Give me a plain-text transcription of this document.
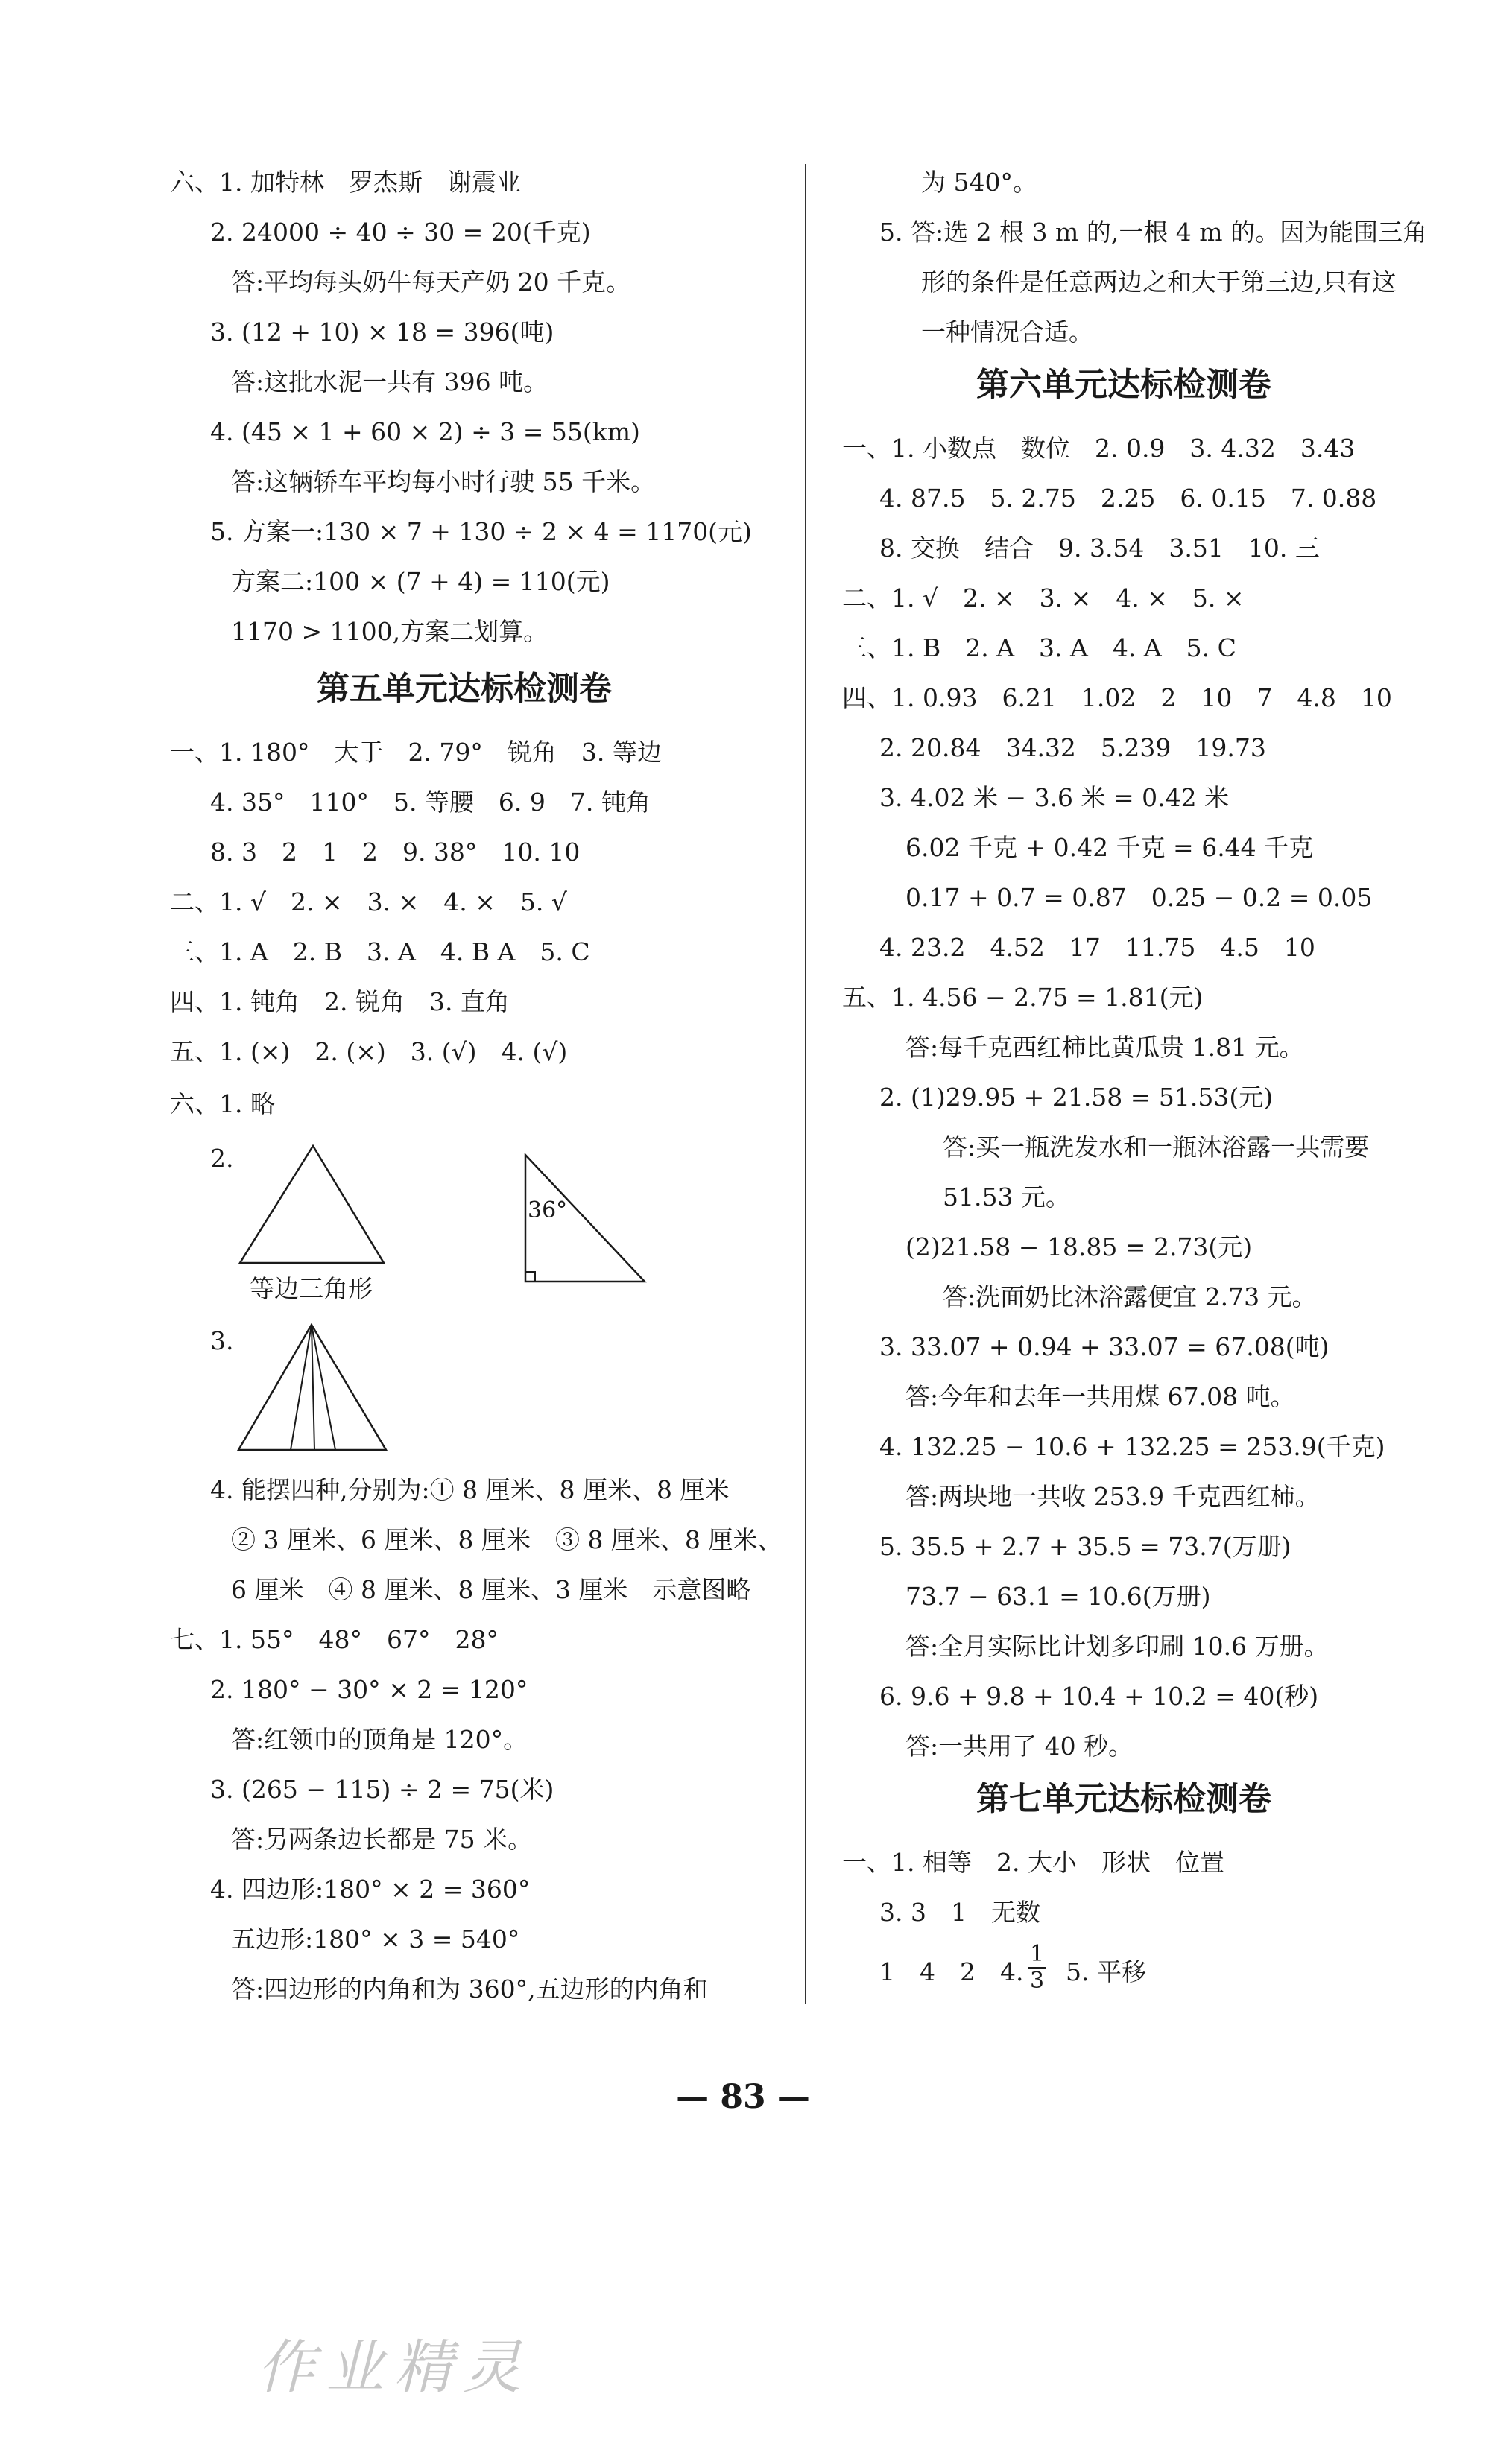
六、1. 加特林　罗杰斯　谢震业
2. 24000 ÷ 40 ÷ 30 = 20(千克)
答:平均每头奶牛每天产奶 20 千克。
3. (12 + 10) × 18 = 396(吨)
答:这批水泥一共有 396 吨。
4. (45 × 1 + 60 × 2) ÷ 3 = 55(km)
答:这辆轿车平均每小时行驶 55 千米。
5. 方案一:130 × 7 + 130 ÷ 2 × 4 = 1170(元)
方案二:100 × (7 + 4) = 110(元)
1170 > 1100,方案二划算。
第五单元达标检测卷
一、1. 180°　大于　2. 79°　锐角　3. 等边
4. 35°　110°　5. 等腰　6. 9　7. 钝角
8. 3　2　1　2　9. 38°　10. 10
二、1. √　2. ×　3. ×　4. ×　5. √
三、1. A　2. B　3. A　4. B A　5. C
四、1. 钝角　2. 锐角　3. 直角
五、1. (×)　2. (×)　3. (√)　4. (√)
六、1. 略
2.
等边三角形
36°
3.
4. 能摆四种,分别为:① 8 厘米、8 厘米、8 厘米
② 3 厘米、6 厘米、8 厘米　③ 8 厘米、8 厘米、
6 厘米　④ 8 厘米、8 厘米、3 厘米　示意图略
七、1. 55°　48°　67°　28°
2. 180° − 30° × 2 = 120°
答:红领巾的顶角是 120°。
3. (265 − 115) ÷ 2 = 75(米)
答:另两条边长都是 75 米。
4. 四边形:180° × 2 = 360°
五边形:180° × 3 = 540°
答:四边形的内角和为 360°,五边形的内角和
为 540°。
5. 答:选 2 根 3 m 的,一根 4 m 的。因为能围三角
形的条件是任意两边之和大于第三边,只有这
一种情况合适。
第六单元达标检测卷
一、1. 小数点　数位　2. 0.9　3. 4.32　3.43
4. 87.5　5. 2.75　2.25　6. 0.15　7. 0.88
8. 交换　结合　9. 3.54　3.51　10. 三
二、1. √　2. ×　3. ×　4. ×　5. ×
三、1. B　2. A　3. A　4. A　5. C
四、1. 0.93　6.21　1.02　2　10　7　4.8　10
2. 20.84　34.32　5.239　19.73
3. 4.02 米 − 3.6 米 = 0.42 米
6.02 千克 + 0.42 千克 = 6.44 千克
0.17 + 0.7 = 0.87　0.25 − 0.2 = 0.05
4. 23.2　4.52　17　11.75　4.5　10
五、1. 4.56 − 2.75 = 1.81(元)
答:每千克西红柿比黄瓜贵 1.81 元。
2. (1)29.95 + 21.58 = 51.53(元)
答:买一瓶洗发水和一瓶沐浴露一共需要
51.53 元。
(2)21.58 − 18.85 = 2.73(元)
答:洗面奶比沐浴露便宜 2.73 元。
3. 33.07 + 0.94 + 33.07 = 67.08(吨)
答:今年和去年一共用煤 67.08 吨。
4. 132.25 − 10.6 + 132.25 = 253.9(千克)
答:两块地一共收 253.9 千克西红柿。
5. 35.5 + 2.7 + 35.5 = 73.7(万册)
73.7 − 63.1 = 10.6(万册)
答:全月实际比计划多印刷 10.6 万册。
6. 9.6 + 9.8 + 10.4 + 10.2 = 40(秒)
答:一共用了 40 秒。
第七单元达标检测卷
一、1. 相等　2. 大小　形状　位置
3. 3　1　无数
1　4　2　4. $\frac{1}{3} 5$. 平移
— 83 —
作业精灵
